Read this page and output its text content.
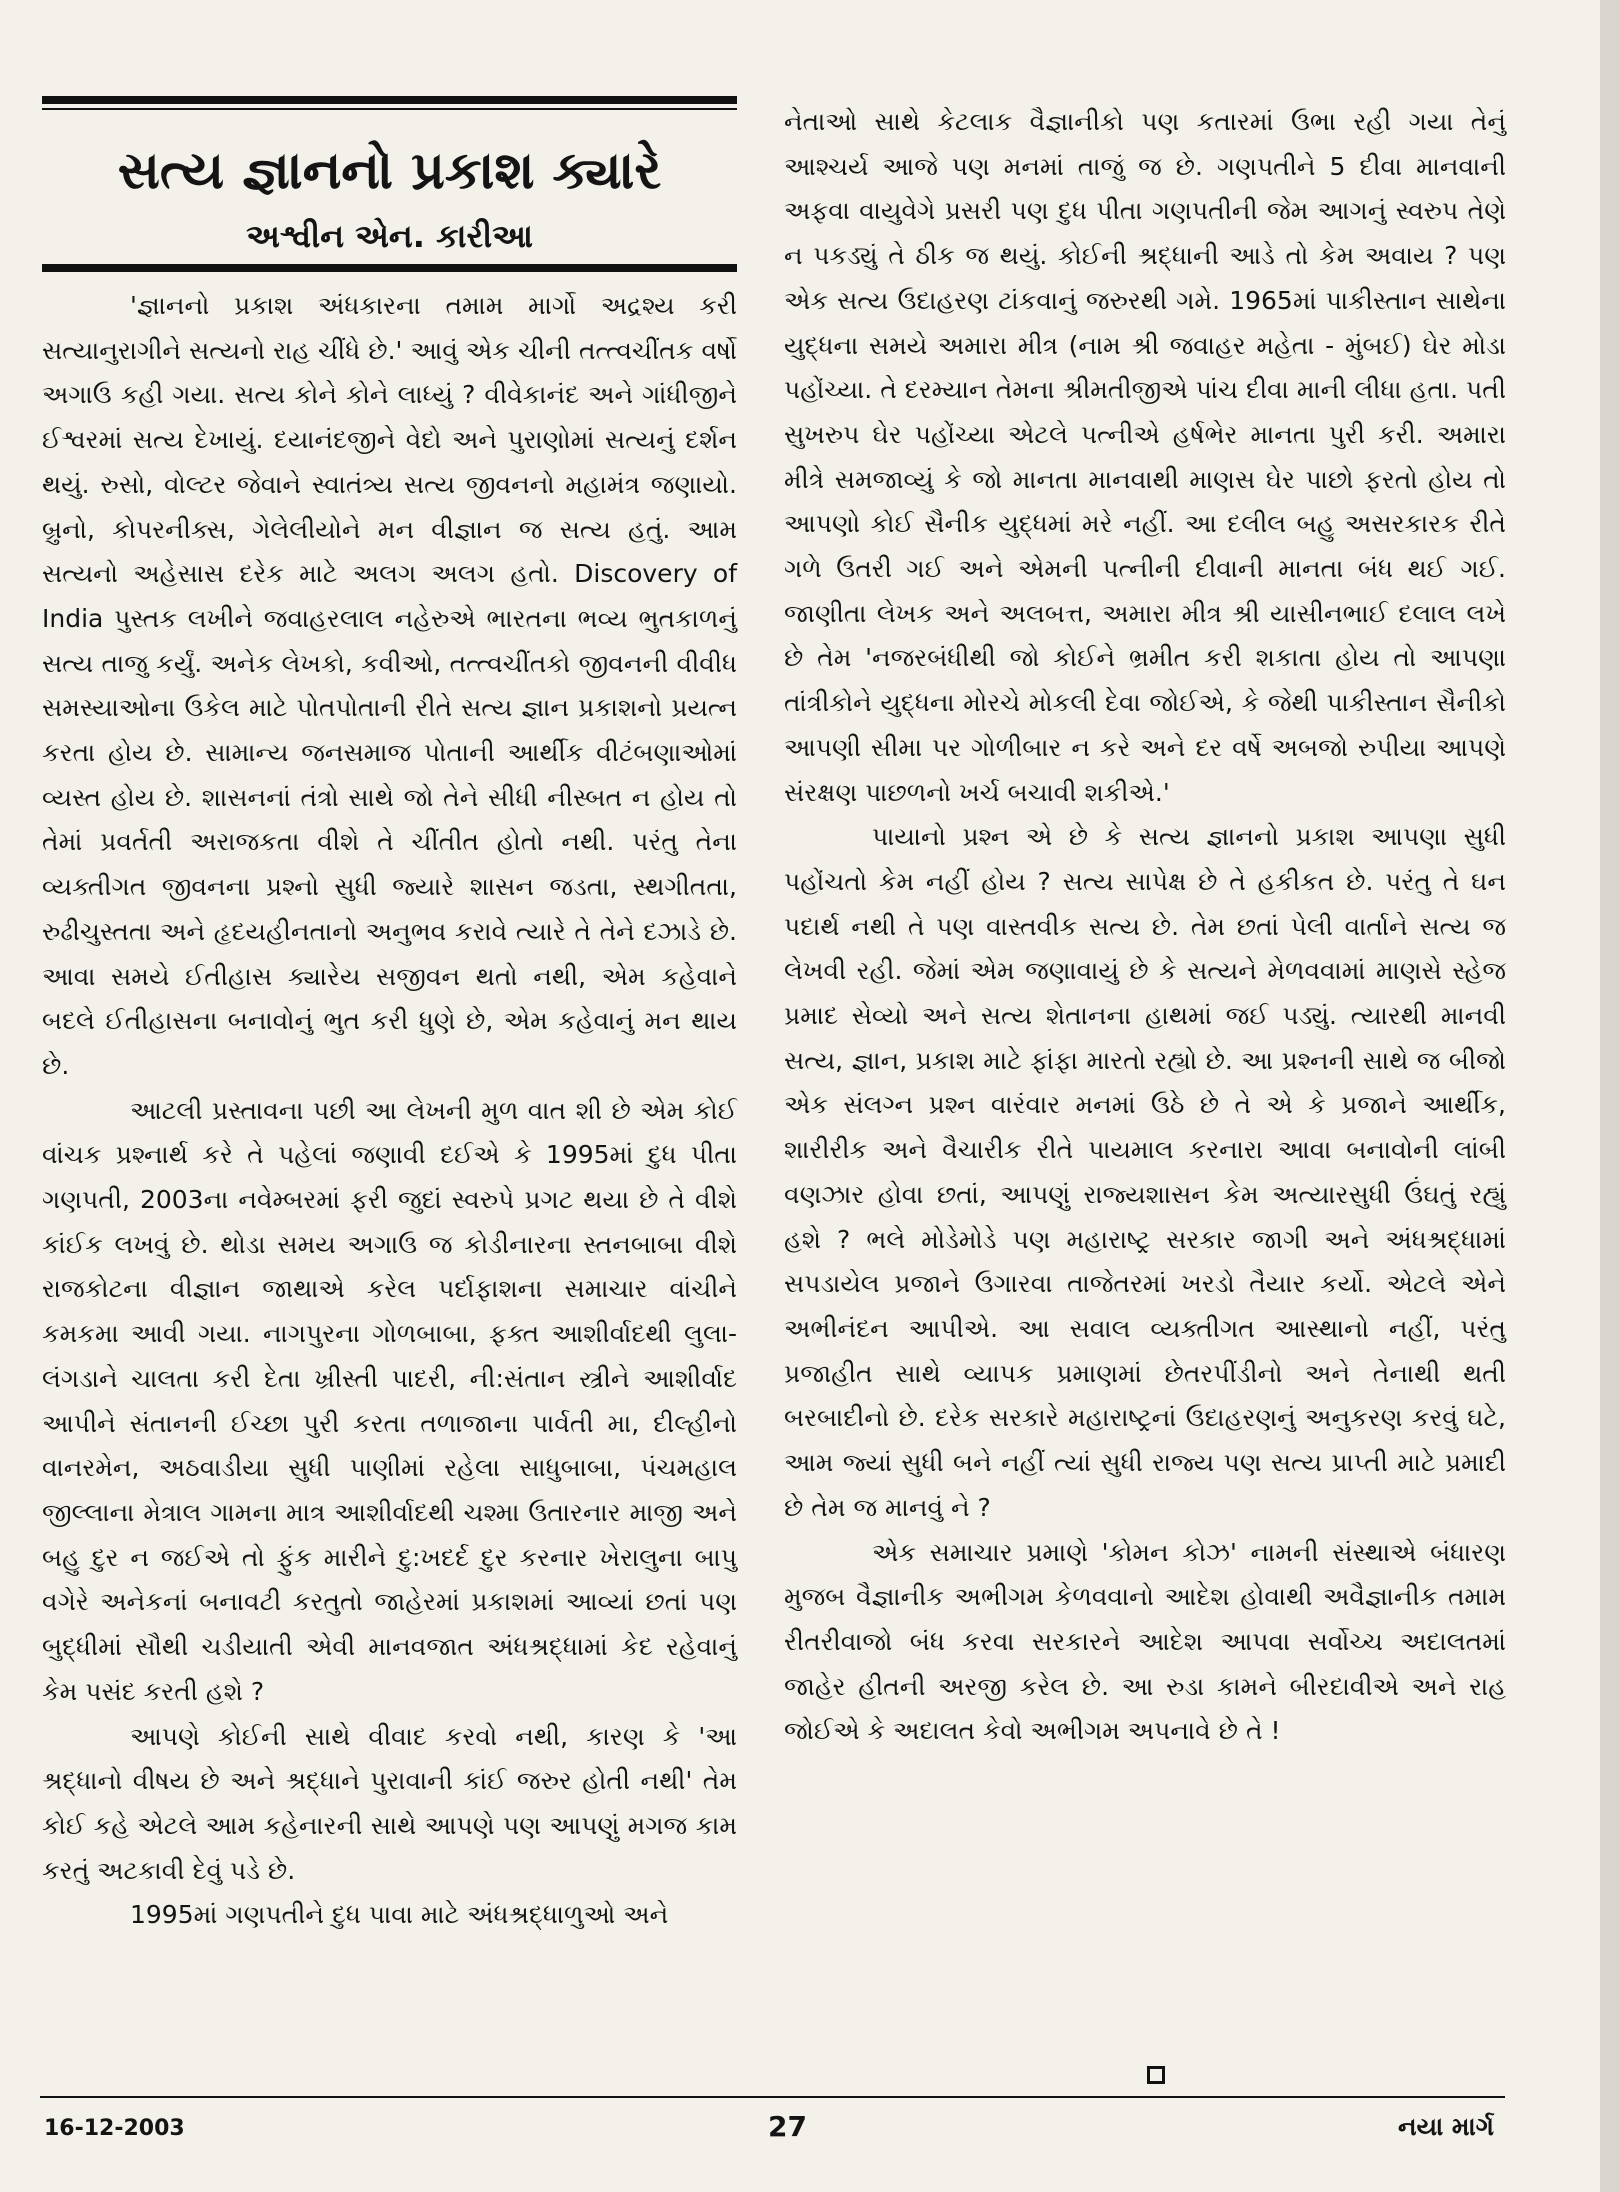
સત્ય જ્ઞાનનો પ્રકાશ ક્યારે
અશ્વીન એન. કારીઆ

'જ્ઞાનનો પ્રકાશ અંધકારના તમામ માર્ગો અદ્રશ્ય કરી સત્યાનુરાગીને સત્યનો રાહ ચીંધે છે.' આવું એક ચીની તત્ત્વચીંતક વર્ષો અગાઉ કહી ગયા. સત્ય કોને કોને લાધ્યું ? વીવેકાનંદ અને ગાંધીજીને ઈશ્વરમાં સત્ય દેખાયું. દયાનંદજીને વેદો અને પુરાણોમાં સત્યનું દર્શન થયું. રુસો, વોલ્ટર જેવાને સ્વાતંત્ર્ય સત્ય જીવનનો મહામંત્ર જણાયો. બ્રુનો, કોપરનીક્સ, ગેલેલીયોને મન વીજ્ઞાન જ સત્ય હતું. આમ સત્યનો અહેસાસ દરેક માટે અલગ અલગ હતો. Discovery of India પુસ્તક લખીને જવાહરલાલ નહેરુએ ભારતના ભવ્ય ભુતકાળનું સત્ય તાજુ કર્યું. અનેક લેખકો, કવીઓ, તત્ત્વચીંતકો જીવનની વીવીધ સમસ્યાઓના ઉકેલ માટે પોતપોતાની રીતે સત્ય જ્ઞાન પ્રકાશનો પ્રયત્ન કરતા હોય છે. સામાન્ય જનસમાજ પોતાની આર્થીક વીટંબણાઓમાં વ્યસ્ત હોય છે. શાસનનાં તંત્રો સાથે જો તેને સીધી નીસ્બત ન હોય તો તેમાં પ્રવર્તતી અરાજકતા વીશે તે ચીંતીત હોતો નથી. પરંતુ તેના વ્યક્તીગત જીવનના પ્રશ્નો સુધી જ્યારે શાસન જડતા, સ્થગીતતા, રુઢીચુસ્તતા અને હૃદયહીનતાનો અનુભવ કરાવે ત્યારે તે તેને દઝાડે છે. આવા સમયે ઈતીહાસ ક્યારેય સજીવન થતો નથી, એમ કહેવાને બદલે ઈતીહાસના બનાવોનું ભુત કરી ધુણે છે, એમ કહેવાનું મન થાય છે.

આટલી પ્રસ્તાવના પછી આ લેખની મુળ વાત શી છે એમ કોઈ વાંચક પ્રશ્નાર્થ કરે તે પહેલાં જણાવી દઈએ કે 1995માં દુધ પીતા ગણપતી, 2003ના નવેમ્બરમાં ફરી જુદાં સ્વરુપે પ્રગટ થયા છે તે વીશે કાંઈક લખવું છે. થોડા સમય અગાઉ જ કોડીનારના સ્તનબાબા વીશે રાજકોટના વીજ્ઞાન જાથાએ કરેલ પર્દાફાશના સમાચાર વાંચીને કમકમા આવી ગયા. નાગપુરના ગોળબાબા, ફક્ત આશીર્વાદથી લુલા-લંગડાને ચાલતા કરી દેતા ખ્રીસ્તી પાદરી, ની:સંતાન સ્ત્રીને આશીર્વાદ આપીને સંતાનની ઈચ્છા પુરી કરતા તળાજાના પાર્વતી મા, દીલ્હીનો વાનરમેન, અઠવાડીયા સુધી પાણીમાં રહેલા સાધુબાબા, પંચમહાલ જીલ્લાના મેત્રાલ ગામના માત્ર આશીર્વાદથી ચશ્મા ઉતારનાર માજી અને બહુ દુર ન જઈએ તો ફુંક મારીને દુ:ખદર્દ દુર કરનાર ખેરાલુના બાપુ વગેરે અનેકનાં બનાવટી કરતુતો જાહેરમાં પ્રકાશમાં આવ્યાં છતાં પણ બુદ્ધીમાં સૌથી ચડીયાતી એવી માનવજાત અંધશ્રદ્ધામાં કેદ રહેવાનું કેમ પસંદ કરતી હશે ?

આપણે કોઈની સાથે વીવાદ કરવો નથી, કારણ કે 'આ શ્રદ્ધાનો વીષય છે અને શ્રદ્ધાને પુરાવાની કાંઈ જરુર હોતી નથી' તેમ કોઈ કહે એટલે આમ કહેનારની સાથે આપણે પણ આપણું મગજ કામ કરતું અટકાવી દેવું પડે છે.

1995માં ગણપતીને દુધ પાવા માટે અંધશ્રદ્ધાળુઓ અને

નેતાઓ સાથે કેટલાક વૈજ્ઞાનીકો પણ કતારમાં ઉભા રહી ગયા તેનું આશ્ચર્ય આજે પણ મનમાં તાજું જ છે. ગણપતીને 5 દીવા માનવાની અફવા વાયુવેગે પ્રસરી પણ દુધ પીતા ગણપતીની જેમ આગનું સ્વરુપ તેણે ન પકડ્યું તે ઠીક જ થયું. કોઈની શ્રદ્ધાની આડે તો કેમ અવાય ? પણ એક સત્ય ઉદાહરણ ટાંકવાનું જરુરથી ગમે. 1965માં પાકીસ્તાન સાથેના યુદ્ધના સમયે અમારા મીત્ર (નામ શ્રી જવાહર મહેતા - મુંબઈ) ઘેર મોડા પહોંચ્યા. તે દરમ્યાન તેમના શ્રીમતીજીએ પાંચ દીવા માની લીધા હતા. પતી સુખરુપ ઘેર પહોંચ્યા એટલે પત્નીએ હર્ષભેર માનતા પુરી કરી. અમારા મીત્રે સમજાવ્યું કે જો માનતા માનવાથી માણસ ઘેર પાછો ફરતો હોય તો આપણો કોઈ સૈનીક યુદ્ધમાં મરે નહીં. આ દલીલ બહુ અસરકારક રીતે ગળે ઉતરી ગઈ અને એમની પત્નીની દીવાની માનતા બંધ થઈ ગઈ. જાણીતા લેખક અને અલબત્ત, અમારા મીત્ર શ્રી યાસીનભાઈ દલાલ લખે છે તેમ 'નજરબંધીથી જો કોઈને ભ્રમીત કરી શકાતા હોય તો આપણા તાંત્રીકોને યુદ્ધના મોરચે મોકલી દેવા જોઈએ, કે જેથી પાકીસ્તાન સૈનીકો આપણી સીમા પર ગોળીબાર ન કરે અને દર વર્ષે અબજો રુપીયા આપણે સંરક્ષણ પાછળનો ખર્ચ બચાવી શકીએ.'

પાયાનો પ્રશ્ન એ છે કે સત્ય જ્ઞાનનો પ્રકાશ આપણા સુધી પહોંચતો કેમ નહીં હોય ? સત્ય સાપેક્ષ છે તે હકીકત છે. પરંતુ તે ઘન પદાર્થ નથી તે પણ વાસ્તવીક સત્ય છે. તેમ છતાં પેલી વાર્તાને સત્ય જ લેખવી રહી. જેમાં એમ જણાવાયું છે કે સત્યને મેળવવામાં માણસે સ્હેજ પ્રમાદ સેવ્યો અને સત્ય શેતાનના હાથમાં જઈ પડ્યું. ત્યારથી માનવી સત્ય, જ્ઞાન, પ્રકાશ માટે ફાંફા મારતો રહ્યો છે. આ પ્રશ્નની સાથે જ બીજો એક સંલગ્ન પ્રશ્ન વારંવાર મનમાં ઉઠે છે તે એ કે પ્રજાને આર્થીક, શારીરીક અને વૈચારીક રીતે પાયમાલ કરનારા આવા બનાવોની લાંબી વણઝાર હોવા છતાં, આપણું રાજ્યશાસન કેમ અત્યારસુધી ઉંઘતું રહ્યું હશે ? ભલે મોડેમોડે પણ મહારાષ્ટ્ર સરકાર જાગી અને અંધશ્રદ્ધામાં સપડાયેલ પ્રજાને ઉગારવા તાજેતરમાં ખરડો તૈયાર કર્યો. એટલે એને અભીનંદન આપીએ. આ સવાલ વ્યક્તીગત આસ્થાનો નહીં, પરંતુ પ્રજાહીત સાથે વ્યાપક પ્રમાણમાં છેતરપીંડીનો અને તેનાથી થતી બરબાદીનો છે. દરેક સરકારે મહારાષ્ટ્રનાં ઉદાહરણનું અનુકરણ કરવું ઘટે, આમ જ્યાં સુધી બને નહીં ત્યાં સુધી રાજ્ય પણ સત્ય પ્રાપ્તી માટે પ્રમાદી છે તેમ જ માનવું ને ?

એક સમાચાર પ્રમાણે 'કોમન કોઝ' નામની સંસ્થાએ બંધારણ મુજબ વૈજ્ઞાનીક અભીગમ કેળવવાનો આદેશ હોવાથી અવૈજ્ઞાનીક તમામ રીતરીવાજો બંધ કરવા સરકારને આદેશ આપવા સર્વોચ્ચ અદાલતમાં જાહેર હીતની અરજી કરેલ છે. આ રુડા કામને બીરદાવીએ અને રાહ જોઈએ કે અદાલત કેવો અભીગમ અપનાવે છે તે !

16-12-2003	27	નયા માર્ગ
